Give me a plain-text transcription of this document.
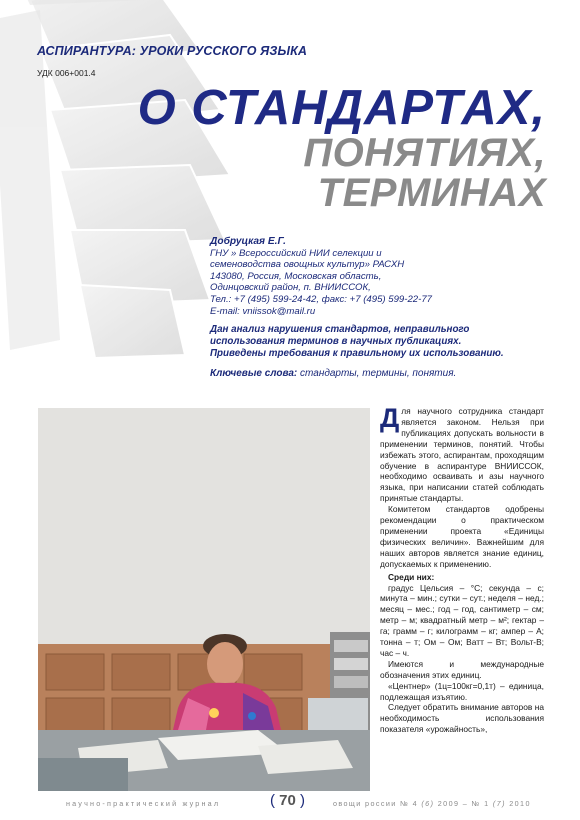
АСПИРАНТУРА: УРОКИ РУССКОГО ЯЗЫКА
УДК 006+001.4
О СТАНДАРТАХ,
ПОНЯТИЯХ,
ТЕРМИНАХ
Добруцкая Е.Г.
ГНУ » Всероссийский НИИ селекции и
семеноводства овощных культур» РАСХН
143080, Россия, Московская область,
Одинцовский район, п. ВНИИССОК,
Тел.: +7 (495) 599-24-42, факс: +7 (495) 599-22-77
E-mail: vniissok@mail.ru
Дан анализ нарушения стандартов, неправильного
использования терминов в научных публикациях.
Приведены требования к правильному их использованию.
Ключевые слова: стандарты, термины, понятия.

Для научного сотрудника стандарт является законом. Нельзя при публикациях допускать вольности в применении терминов, понятий. Чтобы избежать этого, аспирантам, проходящим обучение в аспирантуре ВНИИССОК, необходимо осваивать и азы научного языка, при написании статей соблюдать принятые стандарты.

Комитетом стандартов одобрены рекомендации о практическом применении проекта «Единицы физических величин». Важнейшим для наших авторов является знание единиц, допускаемых к применению.

Среди них:

градус Цельсия – °С; секунда – с; минута – мин.; сутки – сут.; неделя – нед.; месяц – мес.; год – год, сантиметр – см; метр – м; квадратный метр – м²; гектар – га; грамм – г; килограмм – кг; ампер – А; тонна – т; Ом – Ом; Ватт – Вт; Вольт-В; час – ч.

Имеются и международные обозначения этих единиц.

«Центнер» (1ц=100кг=0,1т) – единица, подлежащая изъятию.

Следует обратить внимание авторов на необходимость использования показателя «урожайность»,

научно-практический журнал	( 70 )	овощи россии № 4 (6) 2009 – № 1 (7) 2010
